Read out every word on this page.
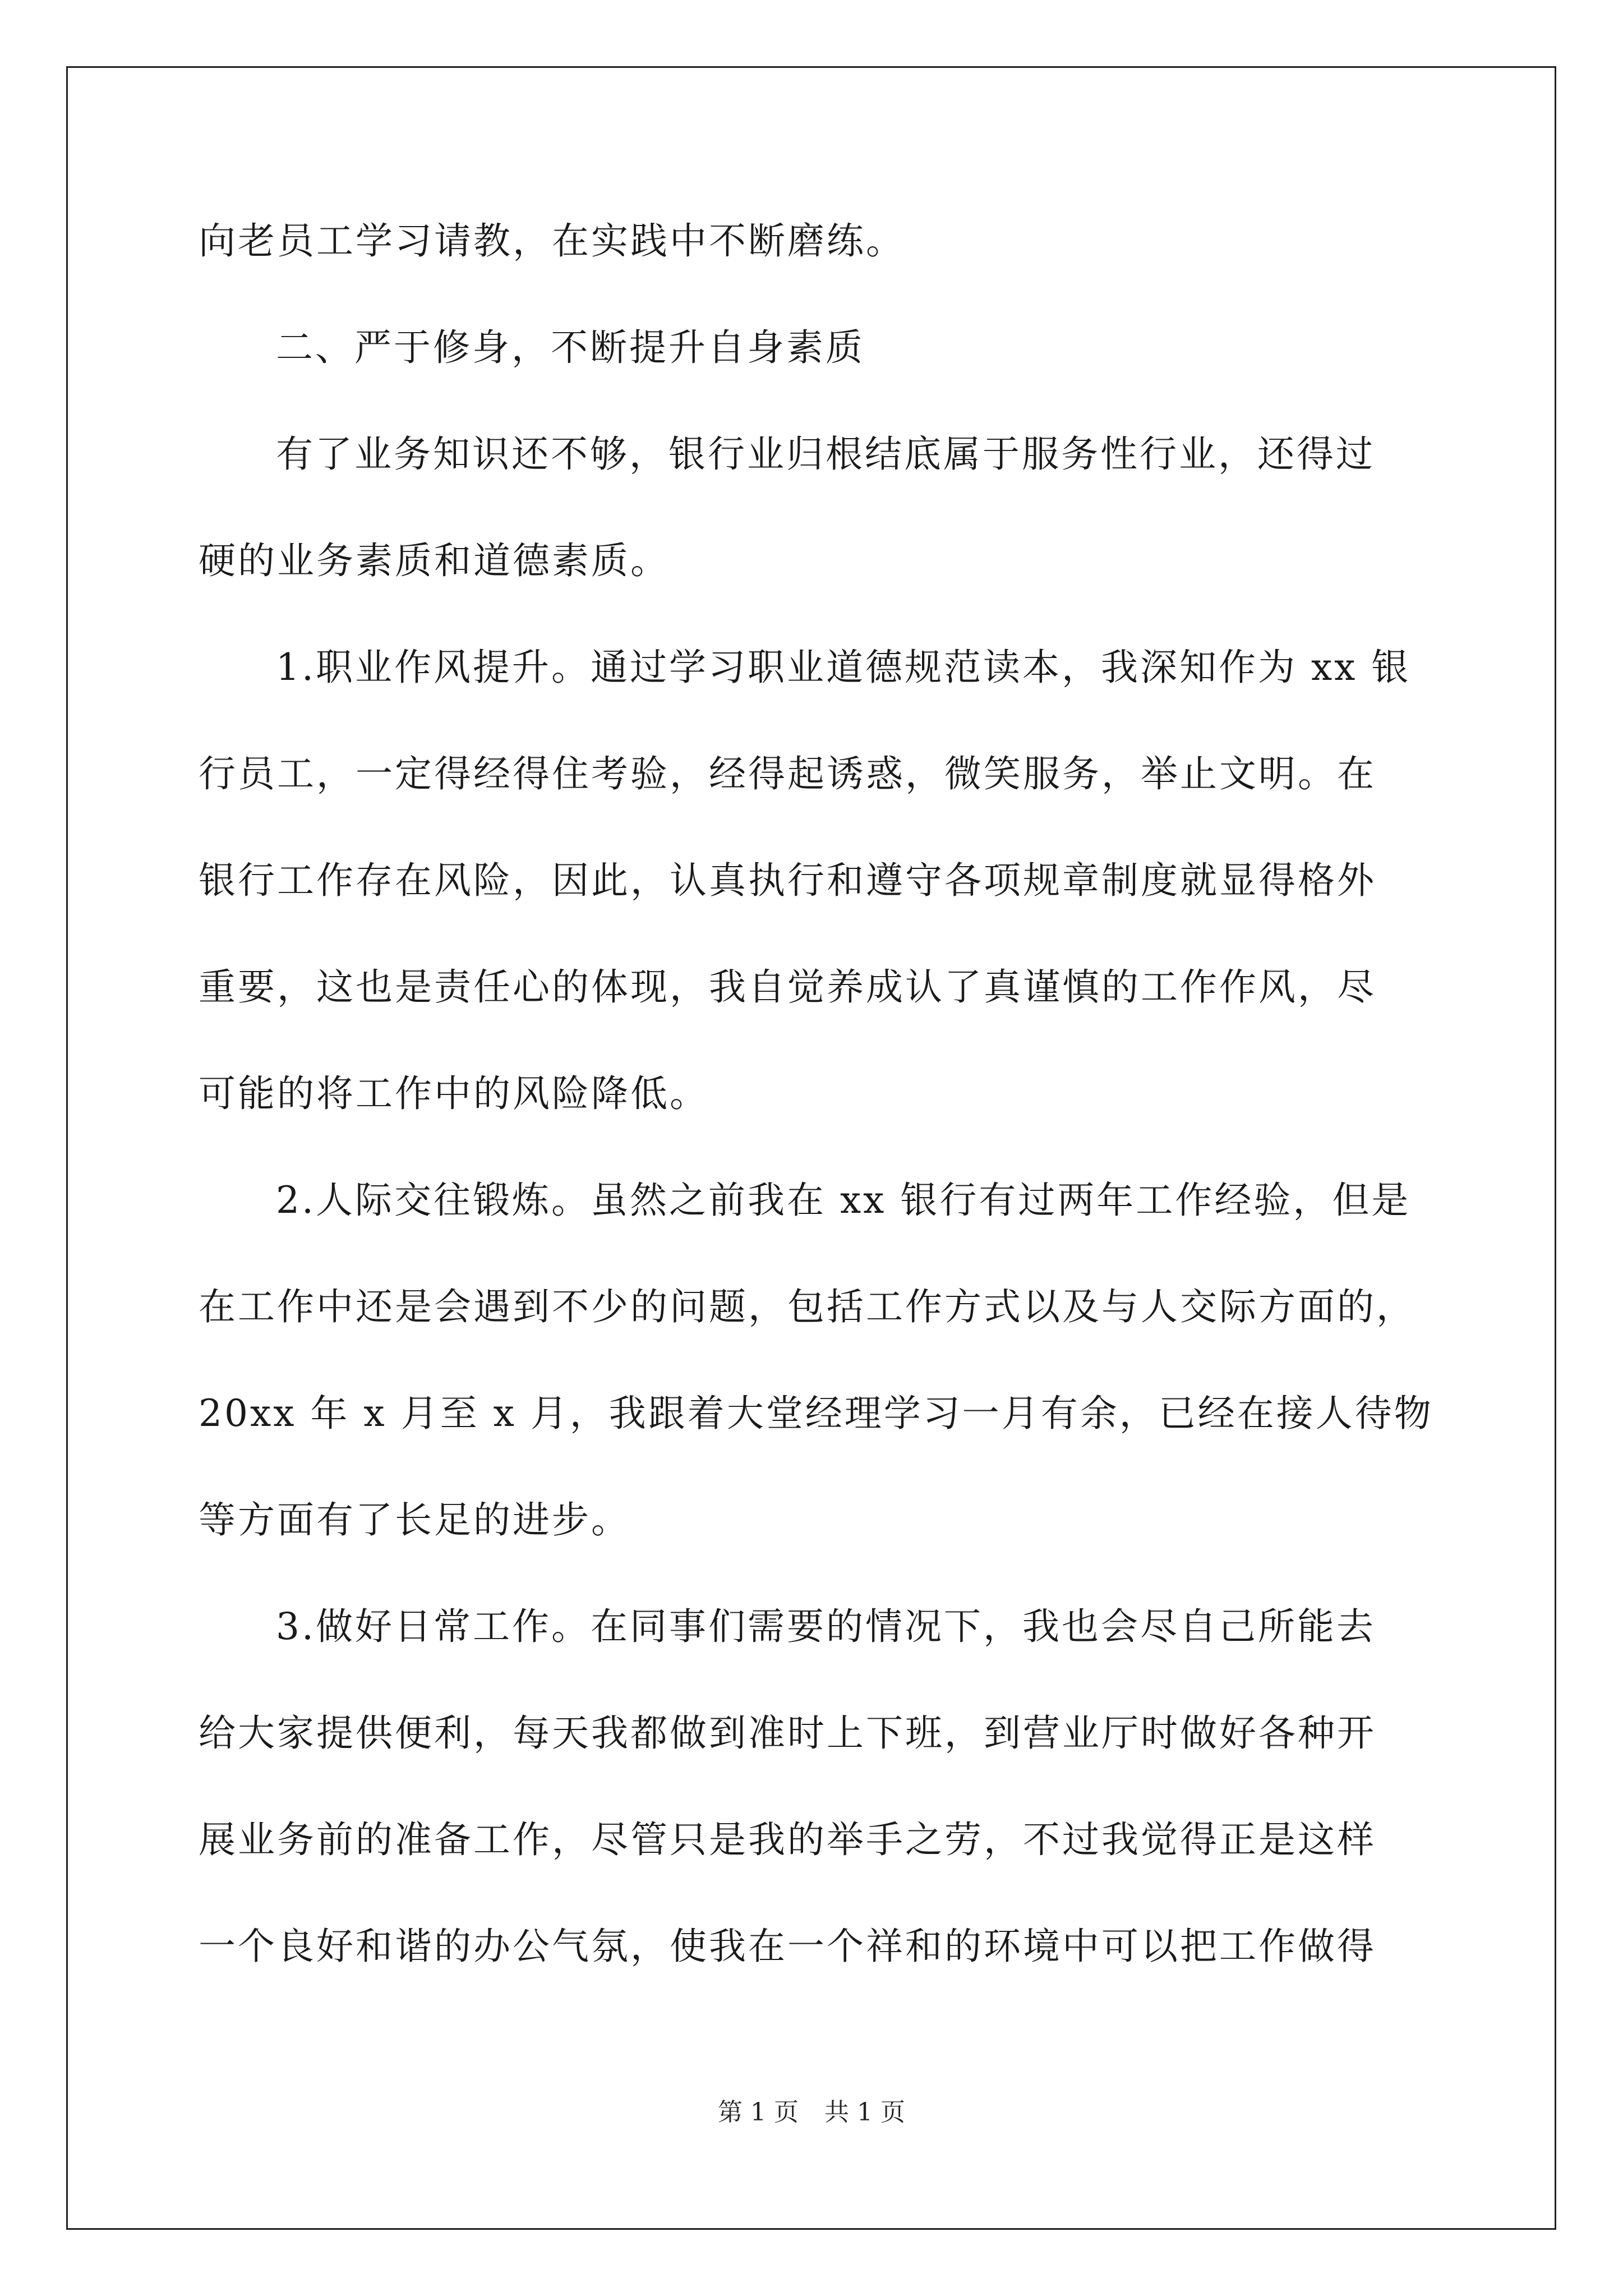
向老员工学习请教，在实践中不断磨练。
二、严于修身，不断提升自身素质
有了业务知识还不够，银行业归根结底属于服务性行业，还得过
硬的业务素质和道德素质。
1.职业作风提升。通过学习职业道德规范读本，我深知作为 xx 银
行员工，一定得经得住考验，经得起诱惑，微笑服务，举止文明。在
银行工作存在风险，因此，认真执行和遵守各项规章制度就显得格外
重要，这也是责任心的体现，我自觉养成认了真谨慎的工作作风，尽
可能的将工作中的风险降低。
2.人际交往锻炼。虽然之前我在 xx 银行有过两年工作经验，但是
在工作中还是会遇到不少的问题，包括工作方式以及与人交际方面的，
20xx 年 x 月至 x 月，我跟着大堂经理学习一月有余，已经在接人待物
等方面有了长足的进步。
3.做好日常工作。在同事们需要的情况下，我也会尽自己所能去
给大家提供便利，每天我都做到准时上下班，到营业厅时做好各种开
展业务前的准备工作，尽管只是我的举手之劳，不过我觉得正是这样
一个良好和谐的办公气氛，使我在一个祥和的环境中可以把工作做得
第 1 页 共 1 页
